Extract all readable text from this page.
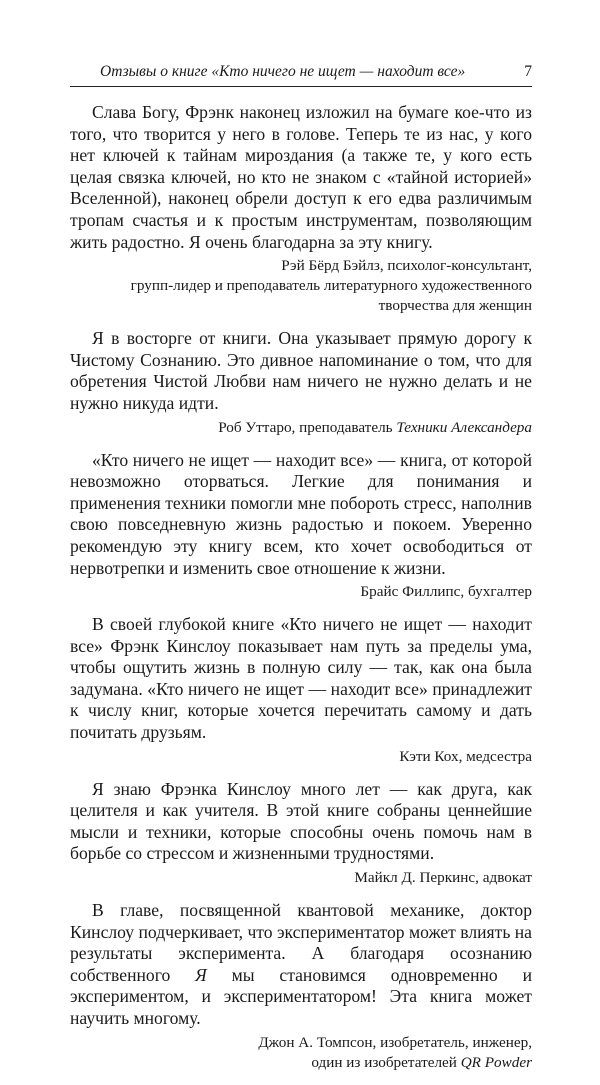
Отзывы о книге «Кто ничего не ищет — находит все»	7

Слава Богу, Фрэнк наконец изложил на бумаге кое-что из того, что творится у него в голове. Теперь те из нас, у кого нет ключей к тайнам мироздания (а также те, у кого есть целая связка ключей, но кто не знаком с «тайной историей» Вселенной), наконец обрели доступ к его едва различимым тропам счастья и к простым инструментам, позволяющим жить радостно. Я очень благодарна за эту книгу.

Рэй Бёрд Бэйлз, психолог-консультант,
групп-лидер и преподаватель литературного художественного
творчества для женщин

Я в восторге от книги. Она указывает прямую дорогу к Чистому Сознанию. Это дивное напоминание о том, что для обретения Чистой Любви нам ничего не нужно делать и не нужно никуда идти.

Роб Уттаро, преподаватель Техники Александера

«Кто ничего не ищет — находит все» — книга, от которой невозможно оторваться. Легкие для понимания и применения техники помогли мне побороть стресс, наполнив свою повседневную жизнь радостью и покоем. Уверенно рекомендую эту книгу всем, кто хочет освободиться от нервотрепки и изменить свое отношение к жизни.

Брайс Филлипс, бухгалтер

В своей глубокой книге «Кто ничего не ищет — находит все» Фрэнк Кинслоу показывает нам путь за пределы ума, чтобы ощутить жизнь в полную силу — так, как она была задумана. «Кто ничего не ищет — находит все» принадлежит к числу книг, которые хочется перечитать самому и дать почитать друзьям.

Кэти Кох, медсестра

Я знаю Фрэнка Кинслоу много лет — как друга, как целителя и как учителя. В этой книге собраны ценнейшие мысли и техники, которые способны очень помочь нам в борьбе со стрессом и жизненными трудностями.

Майкл Д. Перкинс, адвокат

В главе, посвященной квантовой механике, доктор Кинслоу подчеркивает, что экспериментатор может влиять на результаты эксперимента. А благодаря осознанию собственного Я мы становимся одновременно и экспериментом, и экспериментатором! Эта книга может научить многому.

Джон А. Томпсон, изобретатель, инженер,
один из изобретателей QR Powder
